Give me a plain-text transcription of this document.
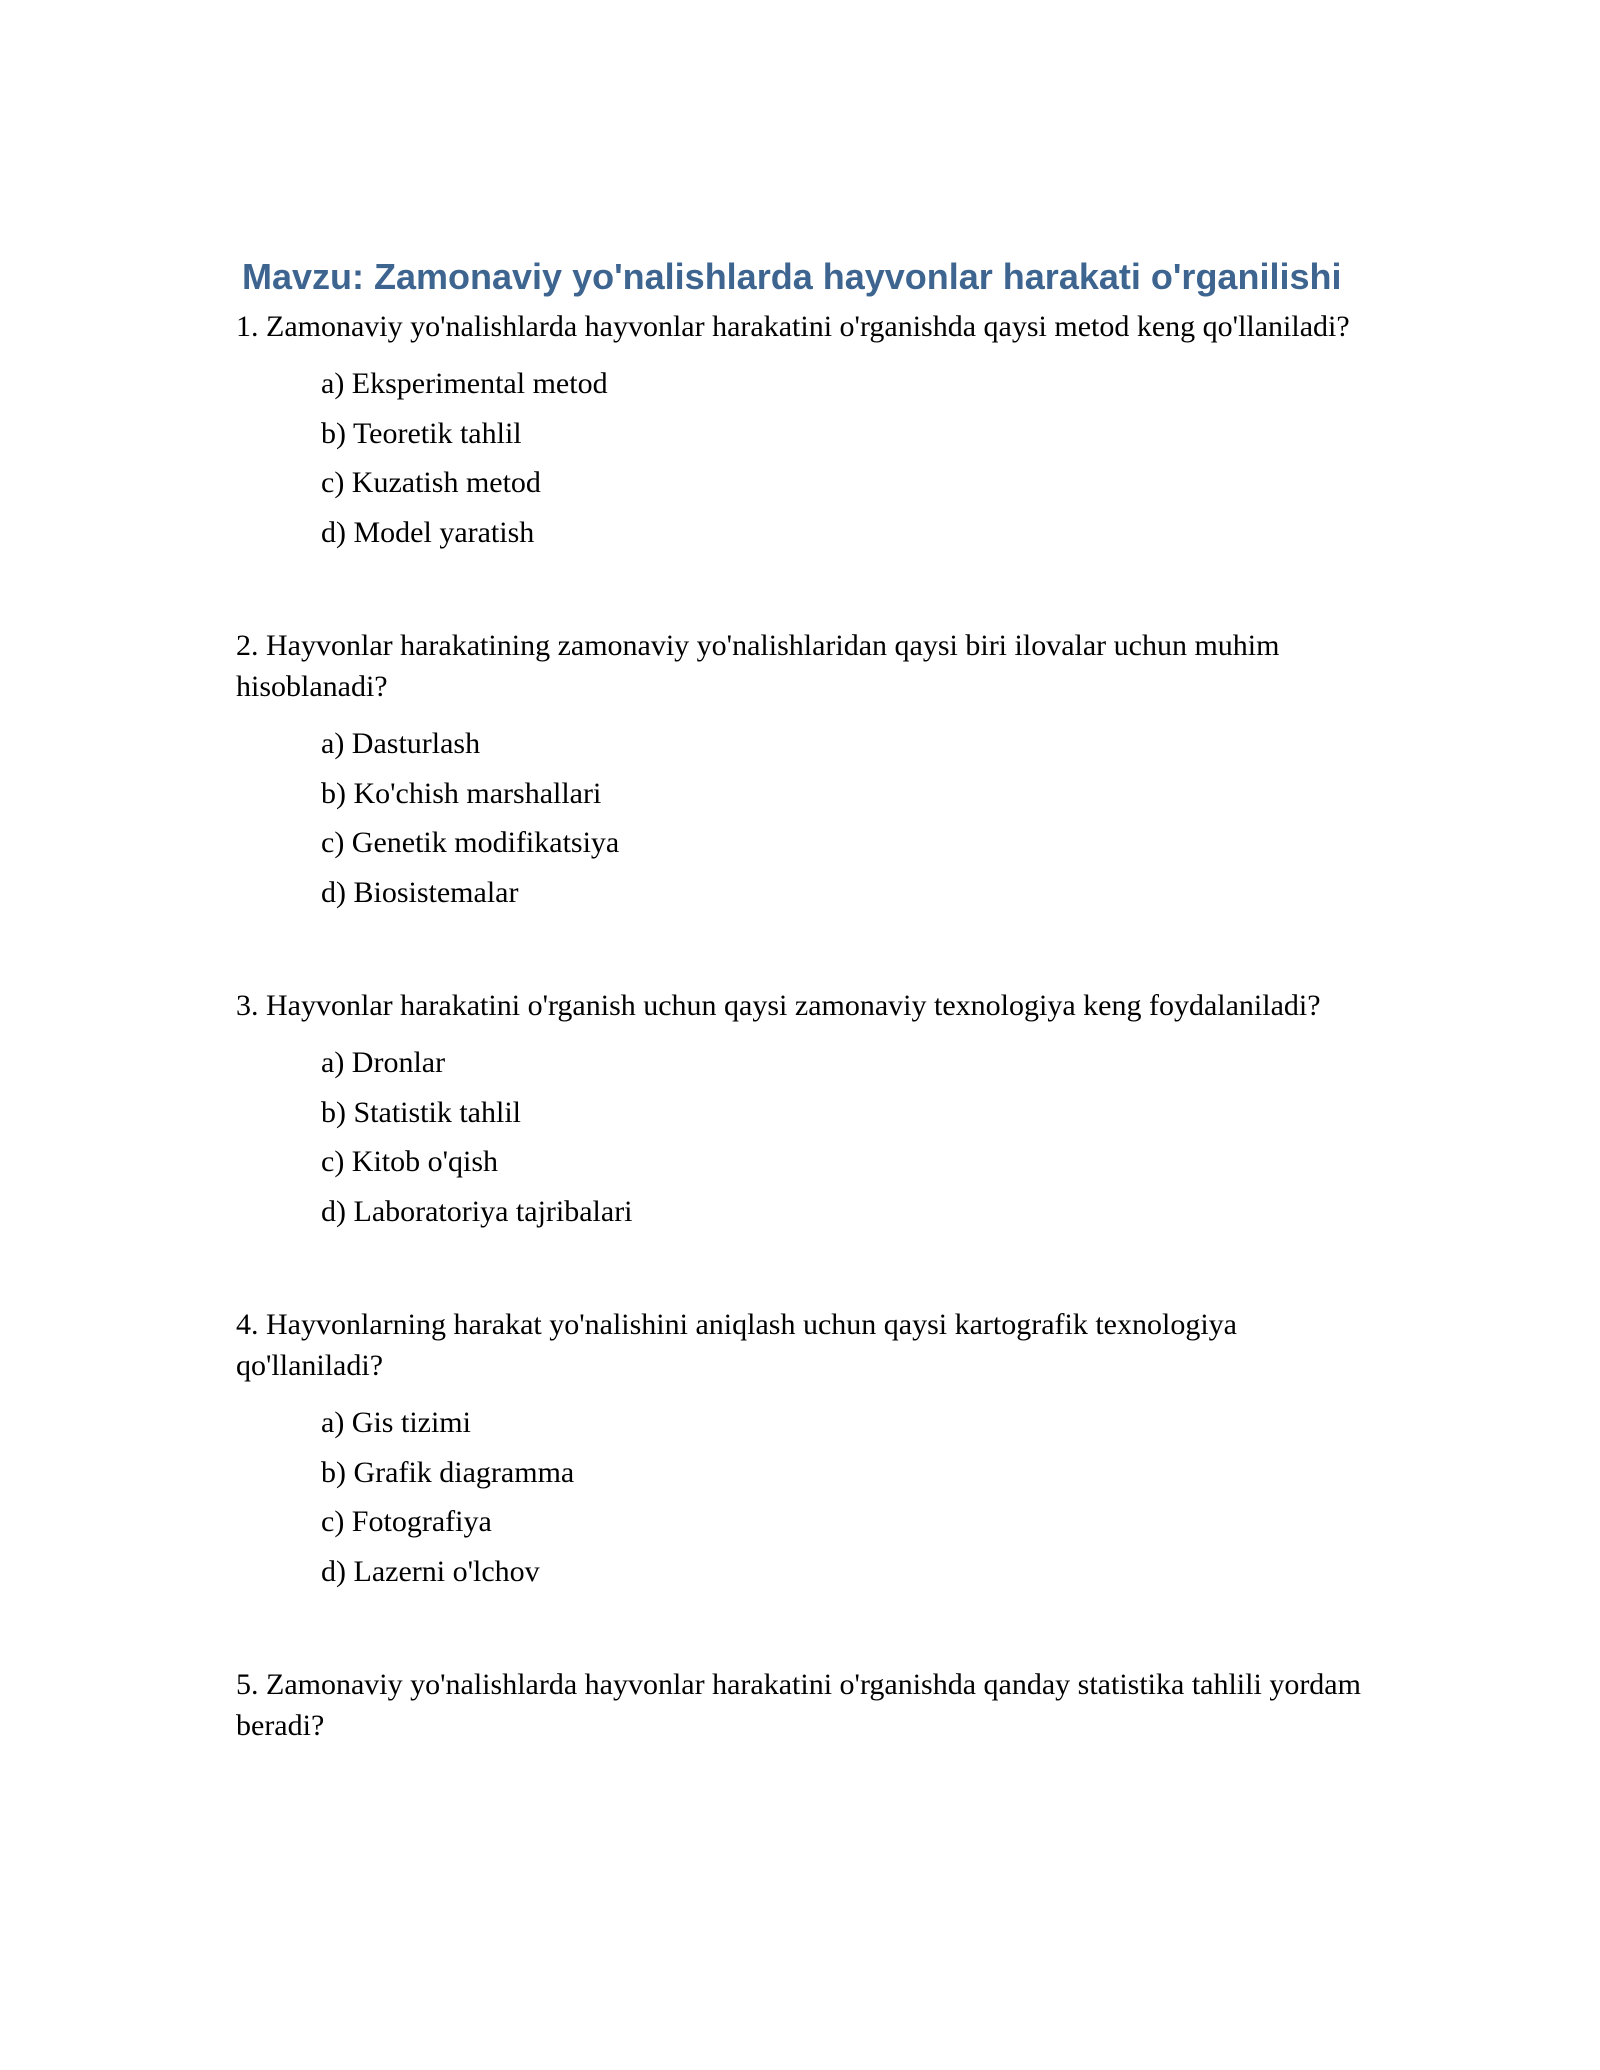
Mavzu: Zamonaviy yo'nalishlarda hayvonlar harakati o'rganilishi

1. Zamonaviy yo'nalishlarda hayvonlar harakatini o'rganishda qaysi metod keng qo'llaniladi?

a) Eksperimental metod
b) Teoretik tahlil
c) Kuzatish metod
d) Model yaratish

2. Hayvonlar harakatining zamonaviy yo'nalishlaridan qaysi biri ilovalar uchun muhim hisoblanadi?

a) Dasturlash
b) Ko'chish marshallari
c) Genetik modifikatsiya
d) Biosistemalar

3. Hayvonlar harakatini o'rganish uchun qaysi zamonaviy texnologiya keng foydalaniladi?

a) Dronlar
b) Statistik tahlil
c) Kitob o'qish
d) Laboratoriya tajribalari

4. Hayvonlarning harakat yo'nalishini aniqlash uchun qaysi kartografik texnologiya qo'llaniladi?

a) Gis tizimi
b) Grafik diagramma
c) Fotografiya
d) Lazerni o'lchov

5. Zamonaviy yo'nalishlarda hayvonlar harakatini o'rganishda qanday statistika tahlili yordam beradi?
